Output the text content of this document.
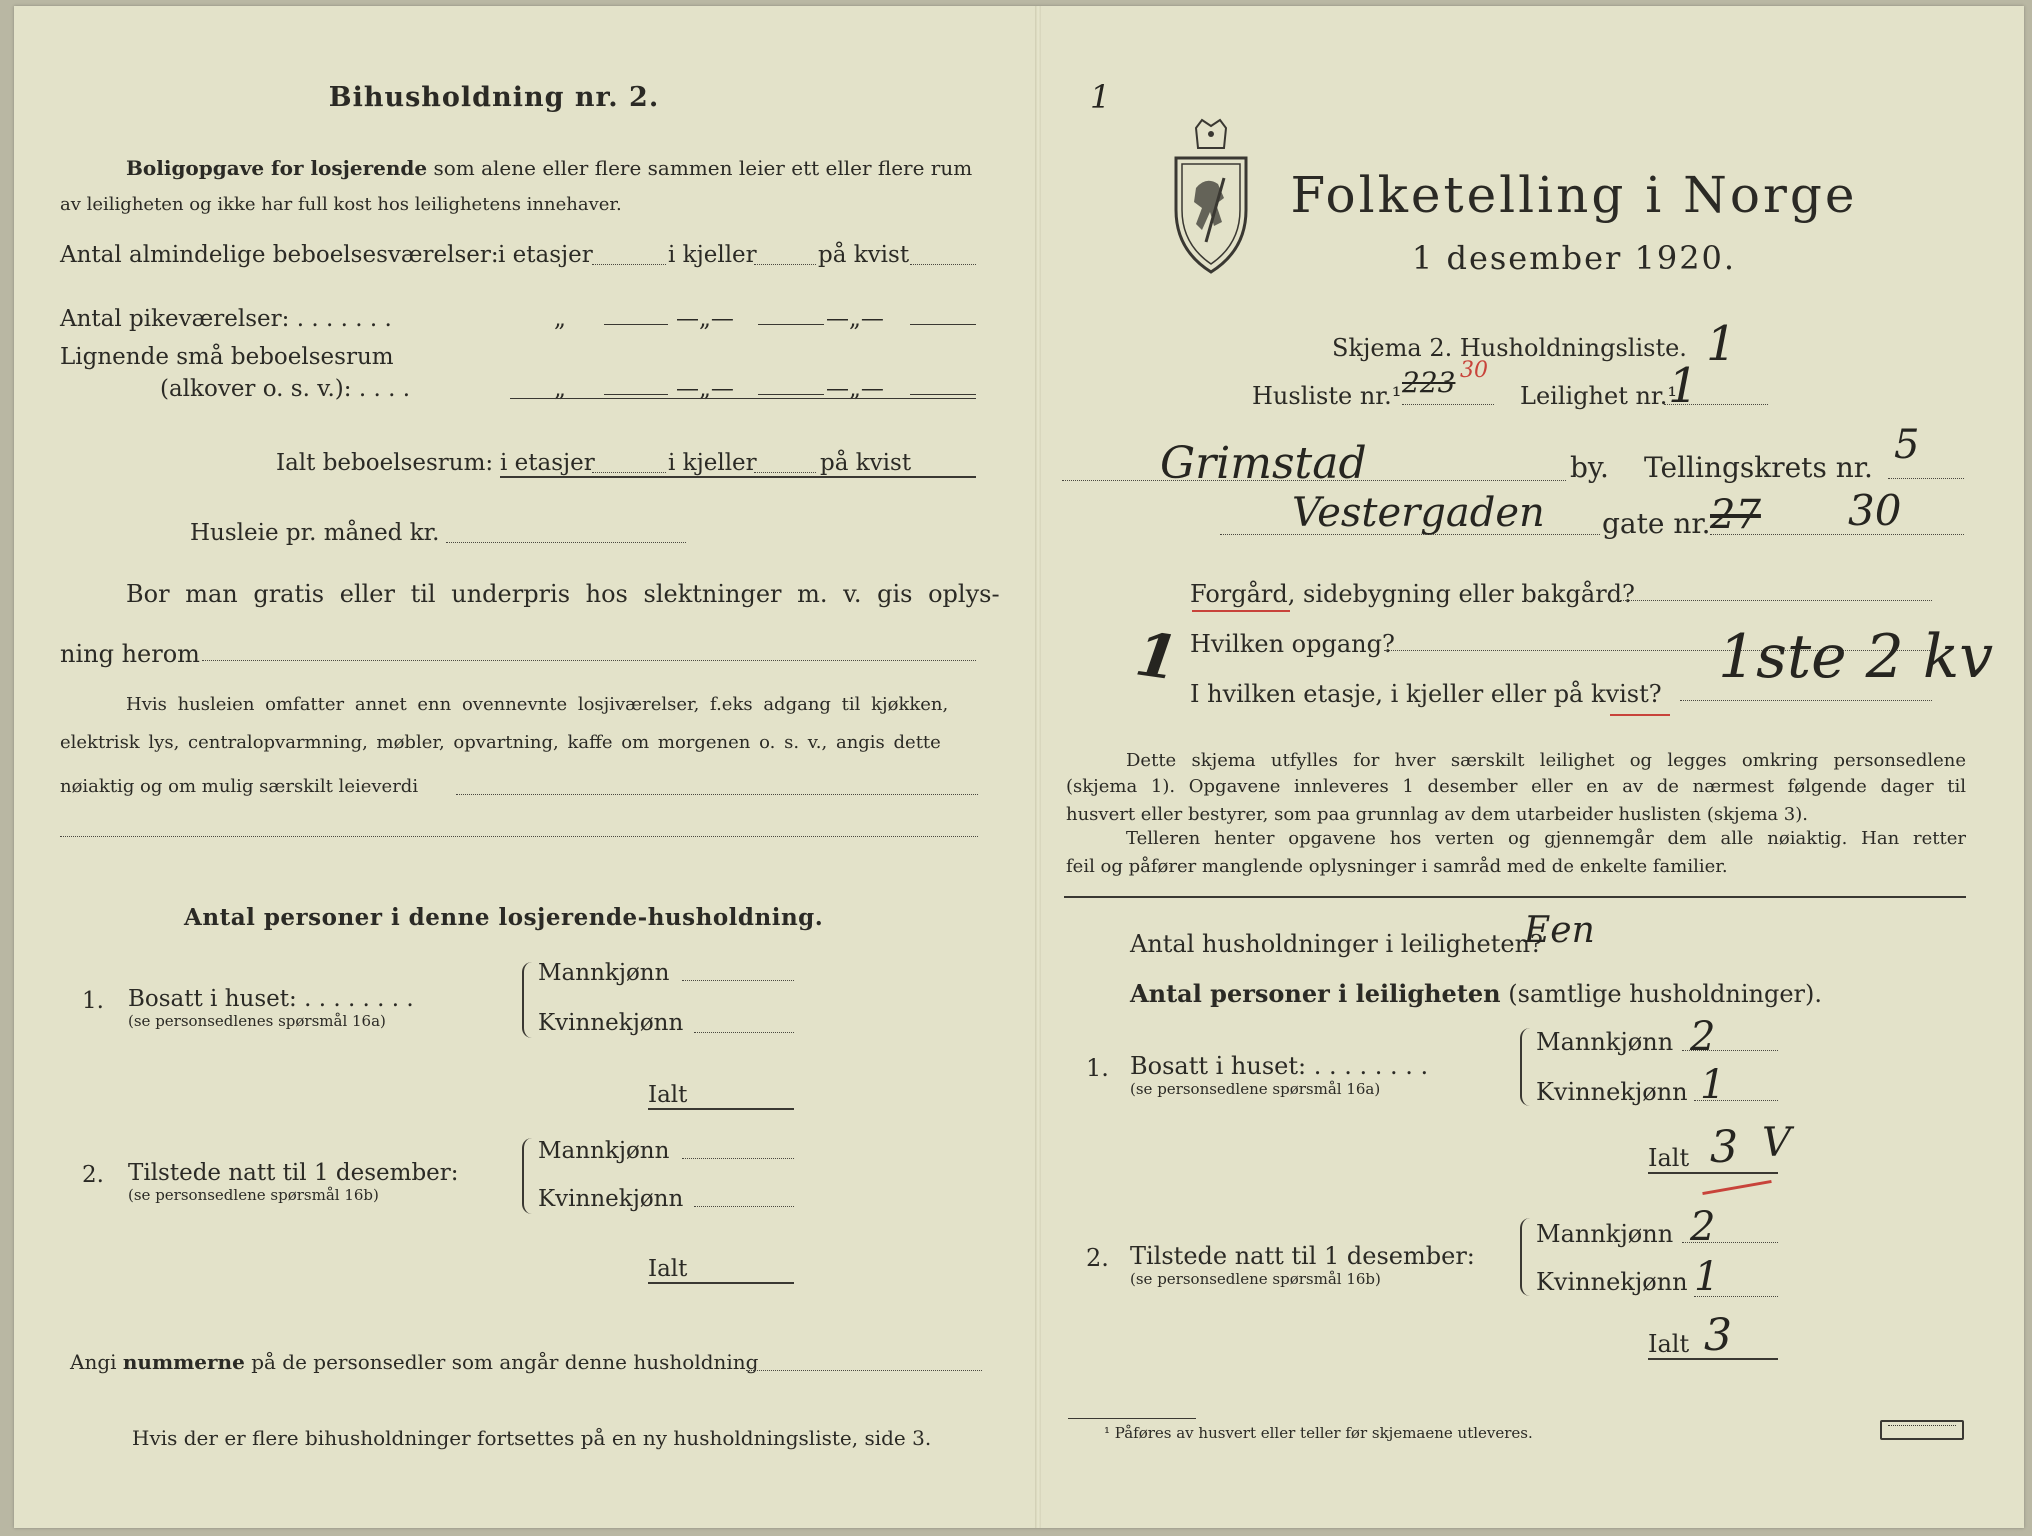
Bihusholdning nr. 2.
Boligopgave for losjerende som alene eller flere sammen leier ett eller flere rum
av leiligheten og ikke har full kost hos leilighetens innehaver.
Antal almindelige beboelsesværelser: i etasjer	i kjeller	på kvist
Antal pikeværelser: . . . . . . .	„	—„—	—„—
Lignende små beboelsesrum
(alkover o. s. v.): . . . .	„	—„—	—„—
Ialt beboelsesrum: i etasjer	i kjeller	på kvist
Husleie pr. måned kr.
Bor man gratis eller til underpris hos slektninger m. v. gis oplys-
ning herom
Hvis husleien omfatter annet enn ovennevnte losjiværelser, f.eks adgang til kjøkken,
elektrisk lys, centralopvarmning, møbler, opvartning, kaffe om morgenen o. s. v., angis dette
nøiaktig og om mulig særskilt leieverdi
Antal personer i denne losjerende-husholdning.
1. Bosatt i huset: . . . . . . . .
(se personsedlenes spørsmål 16a)
Mannkjønn
Kvinnekjønn
Ialt
2. Tilstede natt til 1 desember:
(se personsedlene spørsmål 16b)
Mannkjønn
Kvinnekjønn
Ialt
Angi nummerne på de personsedler som angår denne husholdning
Hvis der er flere bihusholdninger fortsettes på en ny husholdningsliste, side 3.
1
Folketelling i Norge
1 desember 1920.
Skjema 2. Husholdningsliste. 1
Husliste nr.¹ 223 30
Leilighet nr.¹
1
Grimstad	by. Tellingskrets nr. 5
Vestergaden gate nr. 27 30
Forgård, sidebygning eller bakgård?
1 Hvilken opgang?
I hvilken etasje, i kjeller eller på kvist?
1ste 2 kv
Dette skjema utfylles for hver særskilt leilighet og legges omkring personsedlene
(skjema 1). Opgavene innleveres 1 desember eller en av de nærmest følgende dager til
husvert eller bestyrer, som paa grunnlag av dem utarbeider huslisten (skjema 3).
Telleren henter opgavene hos verten og gjennemgår dem alle nøiaktig. Han retter
feil og påfører manglende oplysninger i samråd med de enkelte familier.
Antal husholdninger i leiligheten?
Een
Antal personer i leiligheten (samtlige husholdninger).
1. Bosatt i huset: . . . . . . . .
(se personsedlene spørsmål 16a)
Mannkjønn 2
Kvinnekjønn 1
Ialt 3 V
2. Tilstede natt til 1 desember:
(se personsedlene spørsmål 16b)
Mannkjønn 2
Kvinnekjønn 1
Ialt 3
¹ Påføres av husvert eller teller før skjemaene utleveres.
